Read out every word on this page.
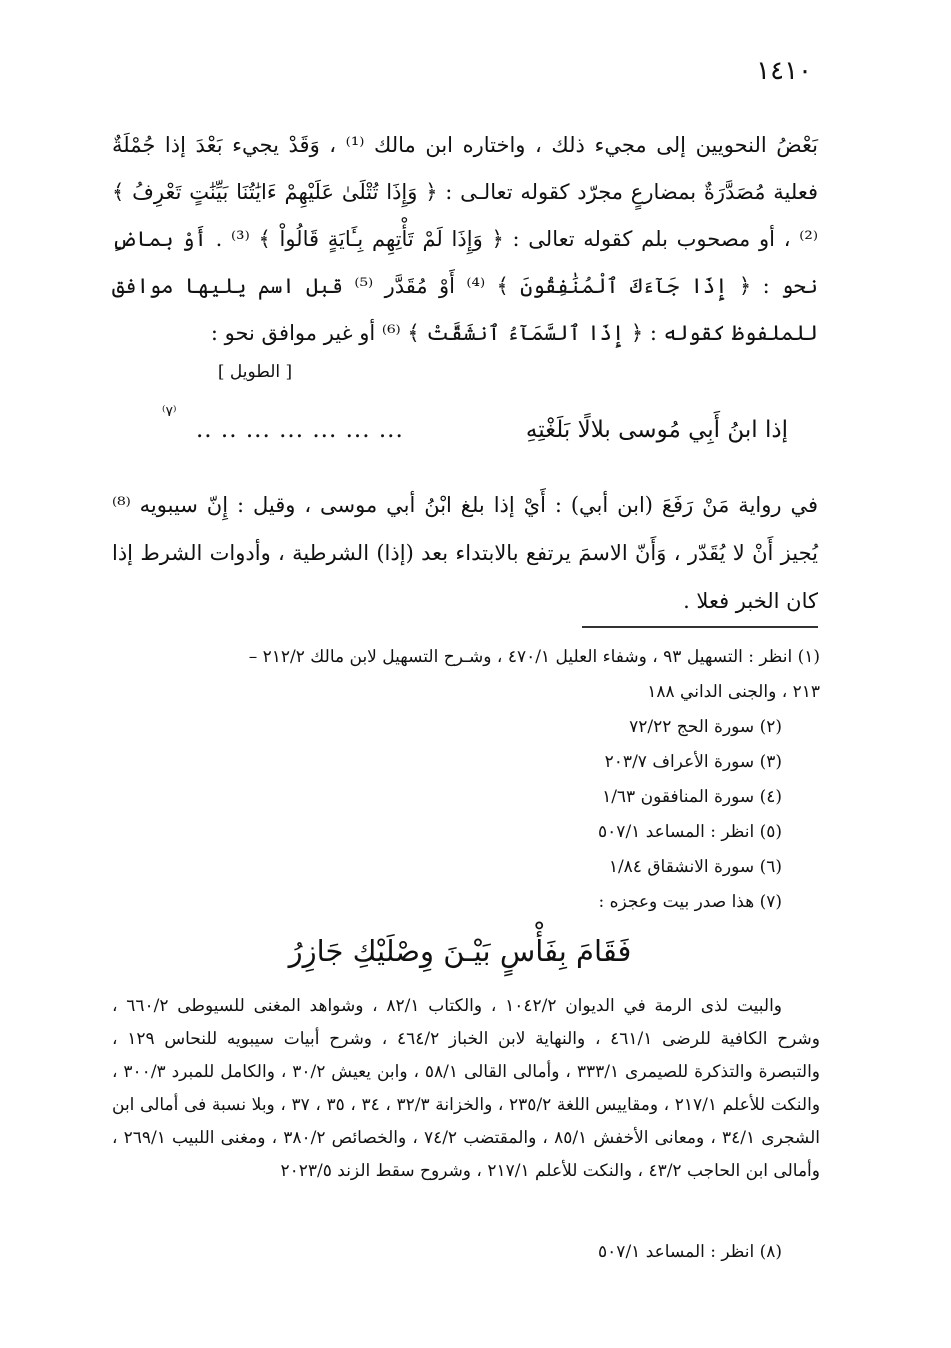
١٤١٠

بَعْضُ النحويين إلى مجيء ذلك ، واختاره ابن مالك ⁽¹⁾ ، وَقَدْ يجيء بَعْدَ إذا جُمْلَةٌ فعلية مُصَدَّرَةٌ بمضارعٍ مجرّد كقوله تعالـى : ﴿ وَإِذَا تُتْلَىٰ عَلَيْهِمْ ءَايَٰتُنَا بَيِّنَٰتٍ تَعْرِفُ ﴾ ⁽²⁾ ، أو مصحوب بلم كقوله تعالى : ﴿ وَإِذَا لَمْ تَأْتِهِم بِـَٔايَةٍ قَالُواْ ﴾ ⁽³⁾ . أَوْ بماضٍ نحو : ﴿ إِذَا جَآءَكَ ٱلْمُنَٰفِقُونَ ﴾ ⁽⁴⁾ أَوْ مُقَدَّر ⁽⁵⁾ قبل اسم يليها موافق للملفوظ كقوله : ﴿ إِذَا ٱلسَّمَآءُ ٱنشَقَّتْ ﴾ ⁽⁶⁾ أو غير موافق نحو :

[ الطويل ]
إذا ابنُ أَبِي مُوسى بلالًا بَلَغْتِهِ
... ... ... ... ... .. ..
⁽٧⁾

في رواية مَنْ رَفَعَ (ابن أبي) : أَيْ إذا بلغ ابْنُ أبي موسى ، وقيل : إِنّ سيبويه ⁽⁸⁾ يُجيز أَنْ لا يُقَدّر ، وَأَنّ الاسمَ يرتفع بالابتداء بعد (إذا) الشرطية ، وأدوات الشرط إذا كان الخبر فعلا .

(١) انظر : التسهيل ٩٣ ، وشفاء العليل ٤٧٠/١ ، وشـرح التسهيل لابن مالك ٢١٢/٢ –

٢١٣ ، والجنى الداني ١٨٨

(٢) سورة الحج ٧٢/٢٢

(٣) سورة الأعراف ٢٠٣/٧

(٤) سورة المنافقون ١/٦٣

(٥) انظر : المساعد ٥٠٧/١

(٦) سورة الانشقاق ١/٨٤

(٧) هذا صدر بيت وعجزه :

فَقَامَ بِفَأْسٍ بَيْـنَ وِصْلَيْكِ جَازِرُ

والبيت لذى الرمة في الديوان ١٠٤٢/٢ ، والكتاب ٨٢/١ ، وشواهد المغنى للسيوطى ٦٦٠/٢ ، وشرح الكافية للرضى ٤٦١/١ ، والنهاية لابن الخباز ٤٦٤/٢ ، وشرح أبيات سيبويه للنحاس ١٢٩ ، والتبصرة والتذكرة للصيمرى ٣٣٣/١ ، وأمالى القالى ٥٨/١ ، وابن يعيش ٣٠/٢ ، والكامل للمبرد ٣٠٠/٣ ، والنكت للأعلم ٢١٧/١ ، ومقاييس اللغة ٢٣٥/٢ ، والخزانة ٣٢/٣ ، ٣٤ ، ٣٥ ، ٣٧ ، وبلا نسبة فى أمالى ابن الشجرى ٣٤/١ ، ومعانى الأخفش ٨٥/١ ، والمقتضب ٧٤/٢ ، والخصائص ٣٨٠/٢ ، ومغنى اللبيب ٢٦٩/١ ، وأمالى ابن الحاجب ٤٣/٢ ، والنكت للأعلم ٢١٧/١ ، وشروح سقط الزند ٢٠٢٣/٥

(٨) انظر : المساعد ٥٠٧/١
